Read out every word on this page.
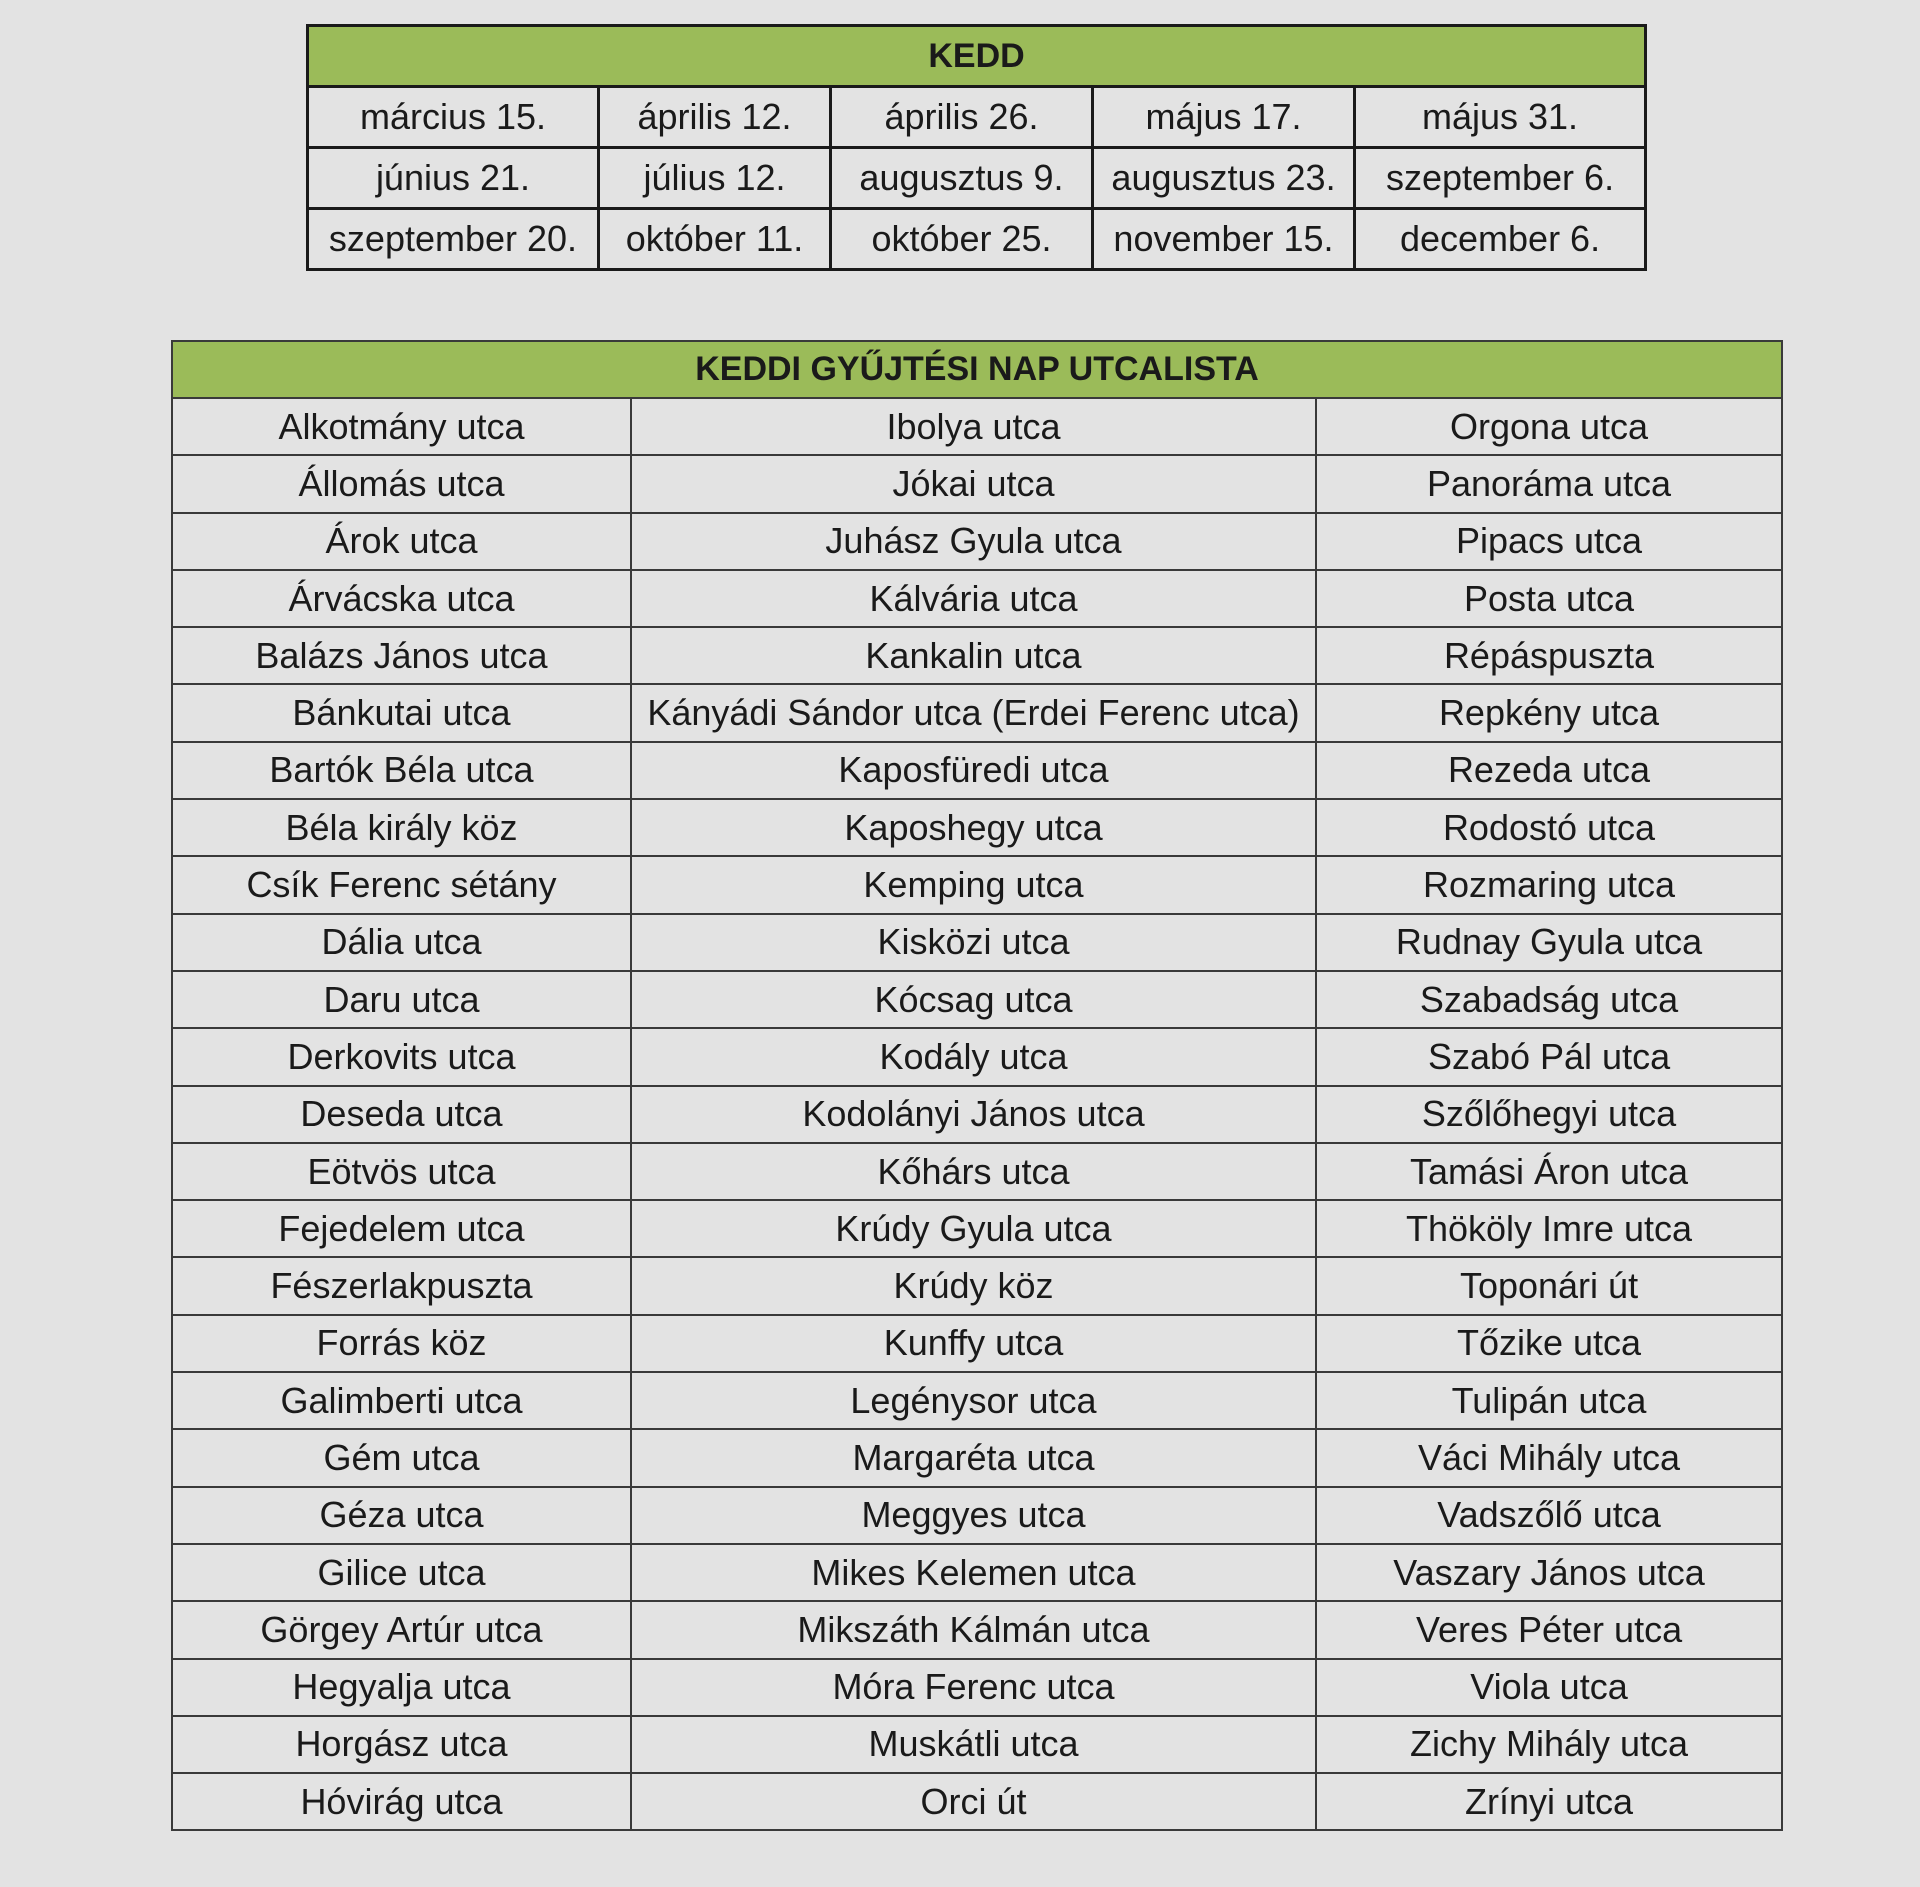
KEDD				
március 15.	április 12.	április 26.	május 17.	május 31.
június 21.	július 12.	augusztus 9.	augusztus 23.	szeptember 6.
szeptember 20.	október 11.	október 25.	november 15.	december 6.
KEDDI GYŰJTÉSI NAP UTCALISTA		
Alkotmány utca	Ibolya utca	Orgona utca
Állomás utca	Jókai utca	Panoráma utca
Árok utca	Juhász Gyula utca	Pipacs utca
Árvácska utca	Kálvária utca	Posta utca
Balázs János utca	Kankalin utca	Répáspuszta
Bánkutai utca	Kányádi Sándor utca (Erdei Ferenc utca)	Repkény utca
Bartók Béla utca	Kaposfüredi utca	Rezeda utca
Béla király köz	Kaposhegy utca	Rodostó utca
Csík Ferenc sétány	Kemping utca	Rozmaring utca
Dália utca	Kisközi utca	Rudnay Gyula utca
Daru utca	Kócsag utca	Szabadság utca
Derkovits utca	Kodály utca	Szabó Pál utca
Deseda utca	Kodolányi János utca	Szőlőhegyi utca
Eötvös utca	Kőhárs utca	Tamási Áron utca
Fejedelem utca	Krúdy Gyula utca	Thököly Imre utca
Fészerlakpuszta	Krúdy köz	Toponári út
Forrás köz	Kunffy utca	Tőzike utca
Galimberti utca	Legénysor utca	Tulipán utca
Gém utca	Margaréta utca	Váci Mihály utca
Géza utca	Meggyes utca	Vadszőlő utca
Gilice utca	Mikes Kelemen utca	Vaszary János utca
Görgey Artúr utca	Mikszáth Kálmán utca	Veres Péter utca
Hegyalja utca	Móra Ferenc utca	Viola utca
Horgász utca	Muskátli utca	Zichy Mihály utca
Hóvirág utca	Orci út	Zrínyi utca
